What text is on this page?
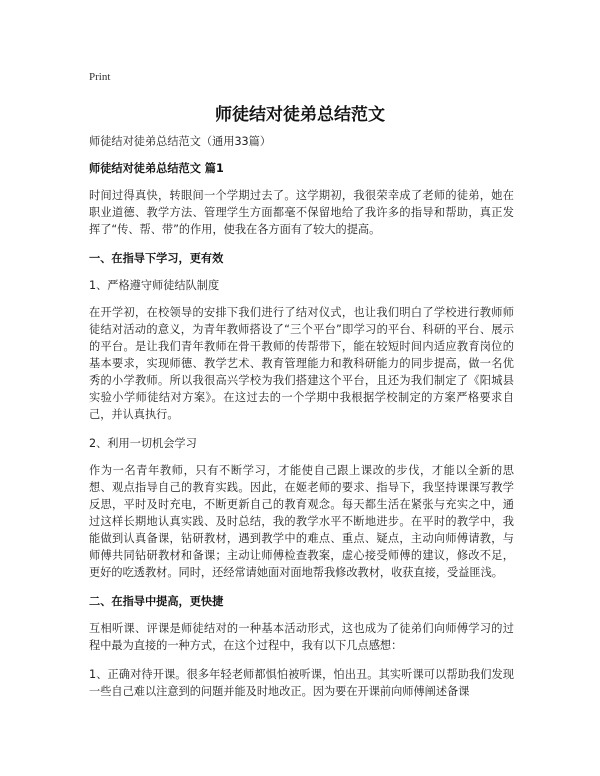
Print
师徒结对徒弟总结范文

师徒结对徒弟总结范文（通用33篇）

师徒结对徒弟总结范文 篇1

时间过得真快，转眼间一个学期过去了。这学期初，我很荣幸成了老师的徒弟，她在职业道德、教学方法、管理学生方面都毫不保留地给了我许多的指导和帮助，真正发挥了“传、帮、带”的作用，使我在各方面有了较大的提高。

一、在指导下学习，更有效

1、严格遵守师徒结队制度

在开学初，在校领导的安排下我们进行了结对仪式，也让我们明白了学校进行教师师徒结对活动的意义，为青年教师搭设了“三个平台”即学习的平台、科研的平台、展示的平台。是让我们青年教师在骨干教师的传帮带下，能在较短时间内适应教育岗位的基本要求，实现师德、教学艺术、教育管理能力和教科研能力的同步提高，做一名优秀的小学教师。所以我很高兴学校为我们搭建这个平台，且还为我们制定了《阳城县实验小学师徒结对方案》。在这过去的一个学期中我根据学校制定的方案严格要求自己，并认真执行。

2、利用一切机会学习

作为一名青年教师，只有不断学习，才能使自己跟上课改的步伐，才能以全新的思想、观点指导自己的教育实践。因此，在姬老师的要求、指导下，我坚持课课写教学反思，平时及时充电，不断更新自己的教育观念。每天都生活在紧张与充实之中，通过这样长期地认真实践、及时总结，我的教学水平不断地进步。在平时的教学中，我能做到认真备课，钻研教材，遇到教学中的难点、重点、疑点，主动向师傅请教，与师傅共同钻研教材和备课；主动让师傅检查教案，虚心接受师傅的建议，修改不足，更好的吃透教材。同时，还经常请她面对面地帮我修改教材，收获直接，受益匪浅。

二、在指导中提高，更快捷

互相听课、评课是师徒结对的一种基本活动形式，这也成为了徒弟们向师傅学习的过程中最为直接的一种方式，在这个过程中，我有以下几点感想：

1、正确对待开课。很多年轻老师都惧怕被听课，怕出丑。其实听课可以帮助我们发现一些自己难以注意到的问题并能及时地改正。因为要在开课前向师傅阐述备课
